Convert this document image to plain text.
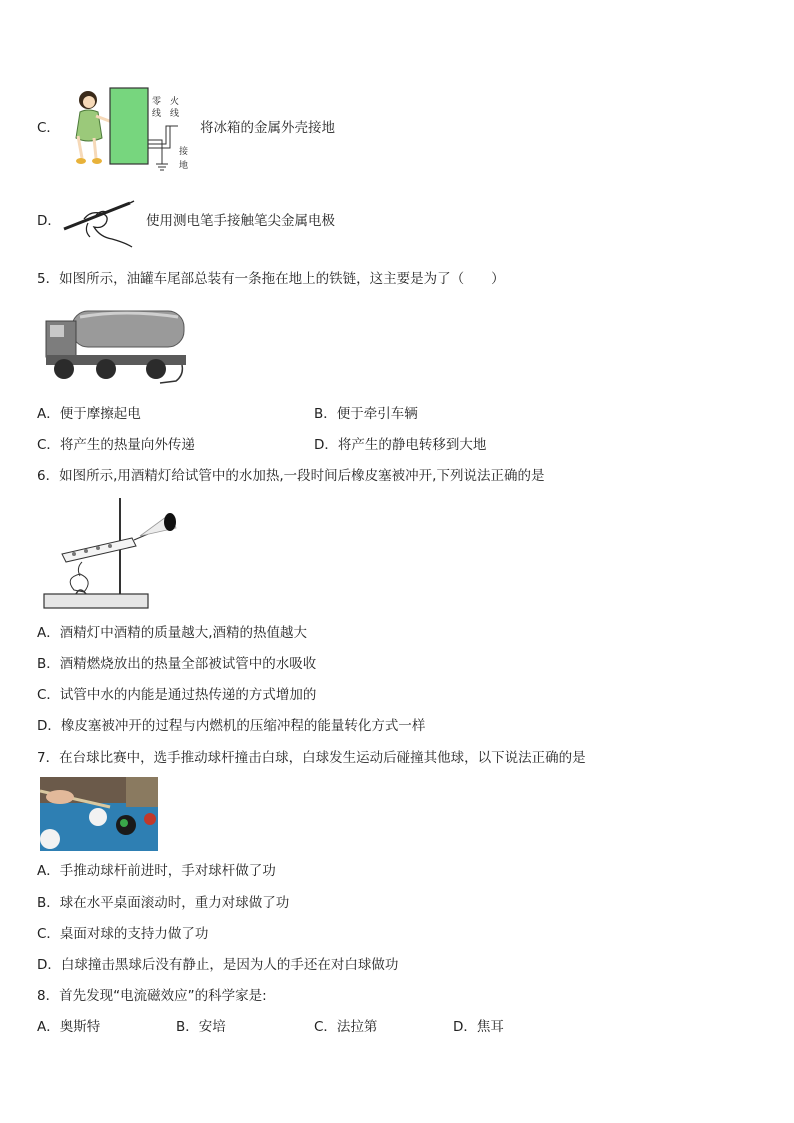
C．
零
线
火
线
接
地
将冰箱的金属外壳接地
D．	使用测电笔手接触笔尖金属电极
5．如图所示，油罐车尾部总装有一条拖在地上的铁链，这主要是为了（　　）
A．便于摩擦起电	B．便于牵引车辆
C．将产生的热量向外传递	D．将产生的静电转移到大地
6．如图所示,用酒精灯给试管中的水加热,一段时间后橡皮塞被冲开,下列说法正确的是
A．酒精灯中酒精的质量越大,酒精的热值越大
B．酒精燃烧放出的热量全部被试管中的水吸收
C．试管中水的内能是通过热传递的方式增加的
D．橡皮塞被冲开的过程与内燃机的压缩冲程的能量转化方式一样
7．在台球比赛中，选手推动球杆撞击白球，白球发生运动后碰撞其他球，以下说法正确的是
A．手推动球杆前进时，手对球杆做了功
B．球在水平桌面滚动时，重力对球做了功
C．桌面对球的支持力做了功
D．白球撞击黑球后没有静止，是因为人的手还在对白球做功
8．首先发现“电流磁效应”的科学家是:
A．奥斯特	B．安培	C．法拉第	D．焦耳
